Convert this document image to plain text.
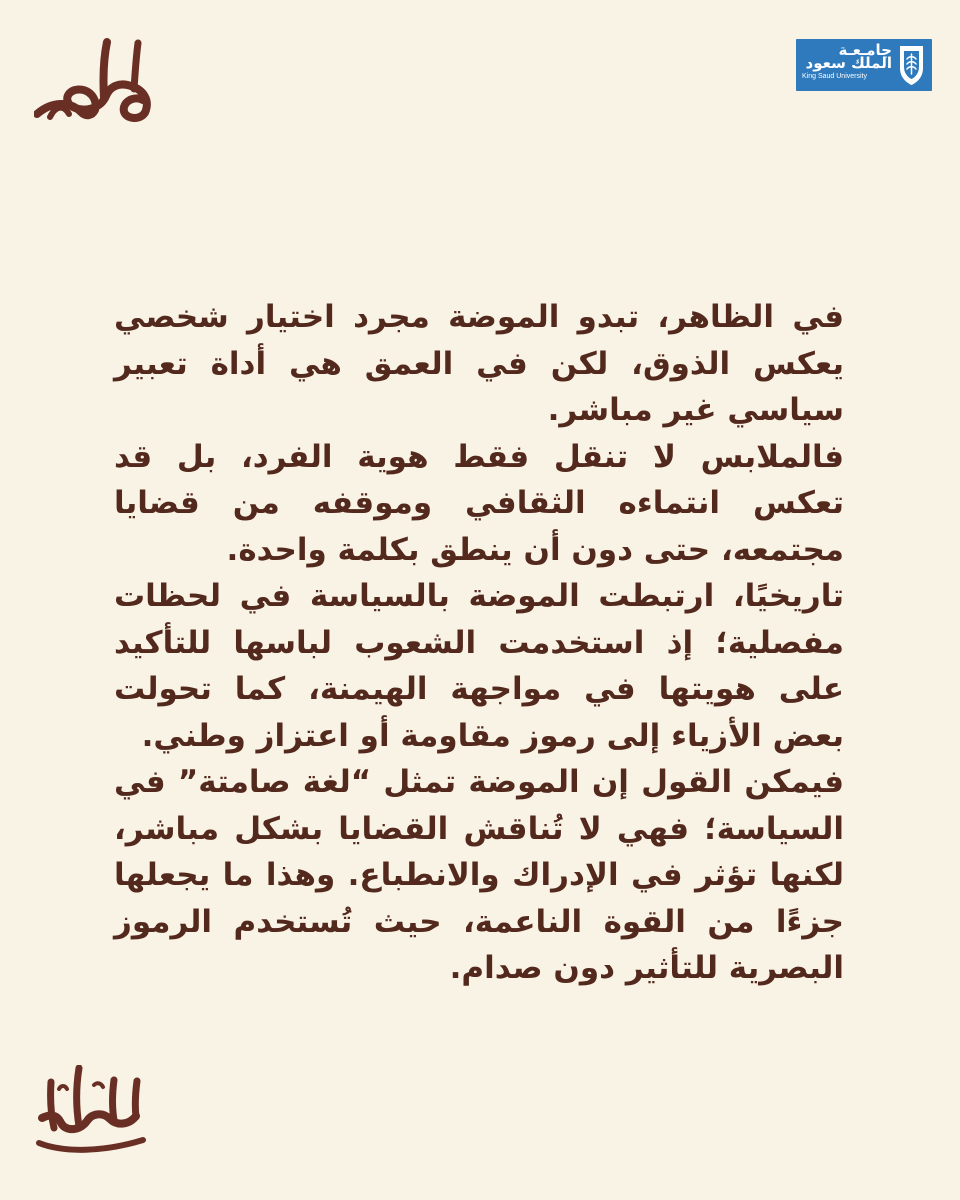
جامـعـة
الملك سعود
King Saud University

في الظاهر، تبدو الموضة مجرد اختيار شخصي يعكس الذوق، لكن في العمق هي أداة تعبير سياسي غير مباشر.

فالملابس لا تنقل فقط هوية الفرد، بل قد تعكس انتماءه الثقافي وموقفه من قضايا مجتمعه، حتى دون أن ينطق بكلمة واحدة.

تاريخيًا، ارتبطت الموضة بالسياسة في لحظات مفصلية؛ إذ استخدمت الشعوب لباسها للتأكيد على هويتها في مواجهة الهيمنة، كما تحولت بعض الأزياء إلى رموز مقاومة أو اعتزاز وطني.

فيمكن القول إن الموضة تمثل “لغة صامتة” في السياسة؛ فهي لا تُناقش القضايا بشكل مباشر، لكنها تؤثر في الإدراك والانطباع. وهذا ما يجعلها جزءًا من القوة الناعمة، حيث تُستخدم الرموز البصرية للتأثير دون صدام.
